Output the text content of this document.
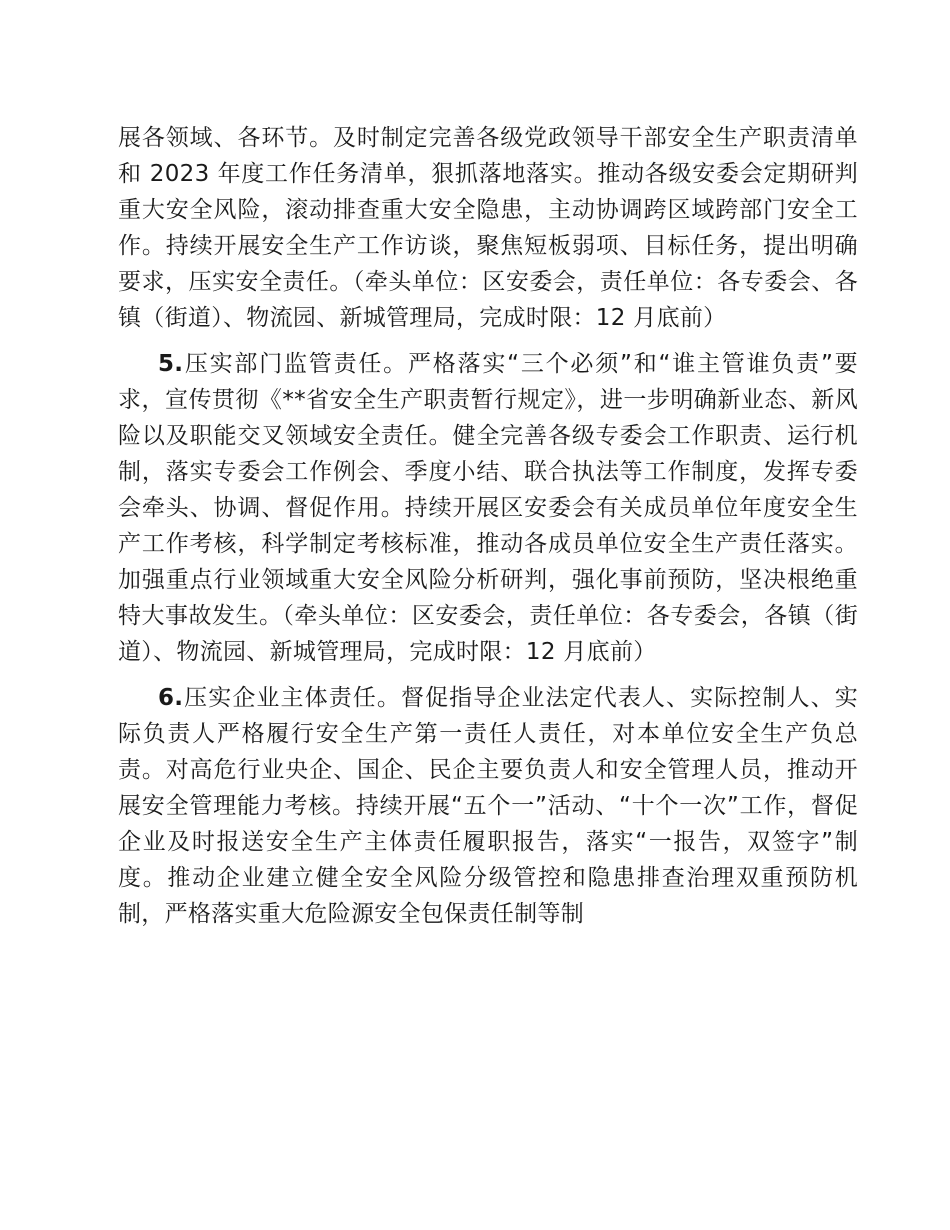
展各领域、各环节。及时制定完善各级党政领导干部安全生产职责清单和 2023 年度工作任务清单，狠抓落地落实。推动各级安委会定期研判重大安全风险，滚动排查重大安全隐患，主动协调跨区域跨部门安全工作。持续开展安全生产工作访谈，聚焦短板弱项、目标任务，提出明确要求，压实安全责任。（牵头单位：区安委会，责任单位：各专委会、各镇（街道）、物流园、新城管理局，完成时限：12 月底前）

5.压实部门监管责任。严格落实“三个必须”和“谁主管谁负责”要求，宣传贯彻《**省安全生产职责暂行规定》，进一步明确新业态、新风险以及职能交叉领域安全责任。健全完善各级专委会工作职责、运行机制，落实专委会工作例会、季度小结、联合执法等工作制度，发挥专委会牵头、协调、督促作用。持续开展区安委会有关成员单位年度安全生产工作考核，科学制定考核标准，推动各成员单位安全生产责任落实。加强重点行业领域重大安全风险分析研判，强化事前预防，坚决根绝重特大事故发生。（牵头单位：区安委会，责任单位：各专委会，各镇（街道）、物流园、新城管理局，完成时限：12 月底前）

6.压实企业主体责任。督促指导企业法定代表人、实际控制人、实际负责人严格履行安全生产第一责任人责任，对本单位安全生产负总责。对高危行业央企、国企、民企主要负责人和安全管理人员，推动开展安全管理能力考核。持续开展“五个一”活动、“十个一次”工作，督促企业及时报送安全生产主体责任履职报告，落实“一报告，双签字”制度。推动企业建立健全安全风险分级管控和隐患排查治理双重预防机制，严格落实重大危险源安全包保责任制等制
